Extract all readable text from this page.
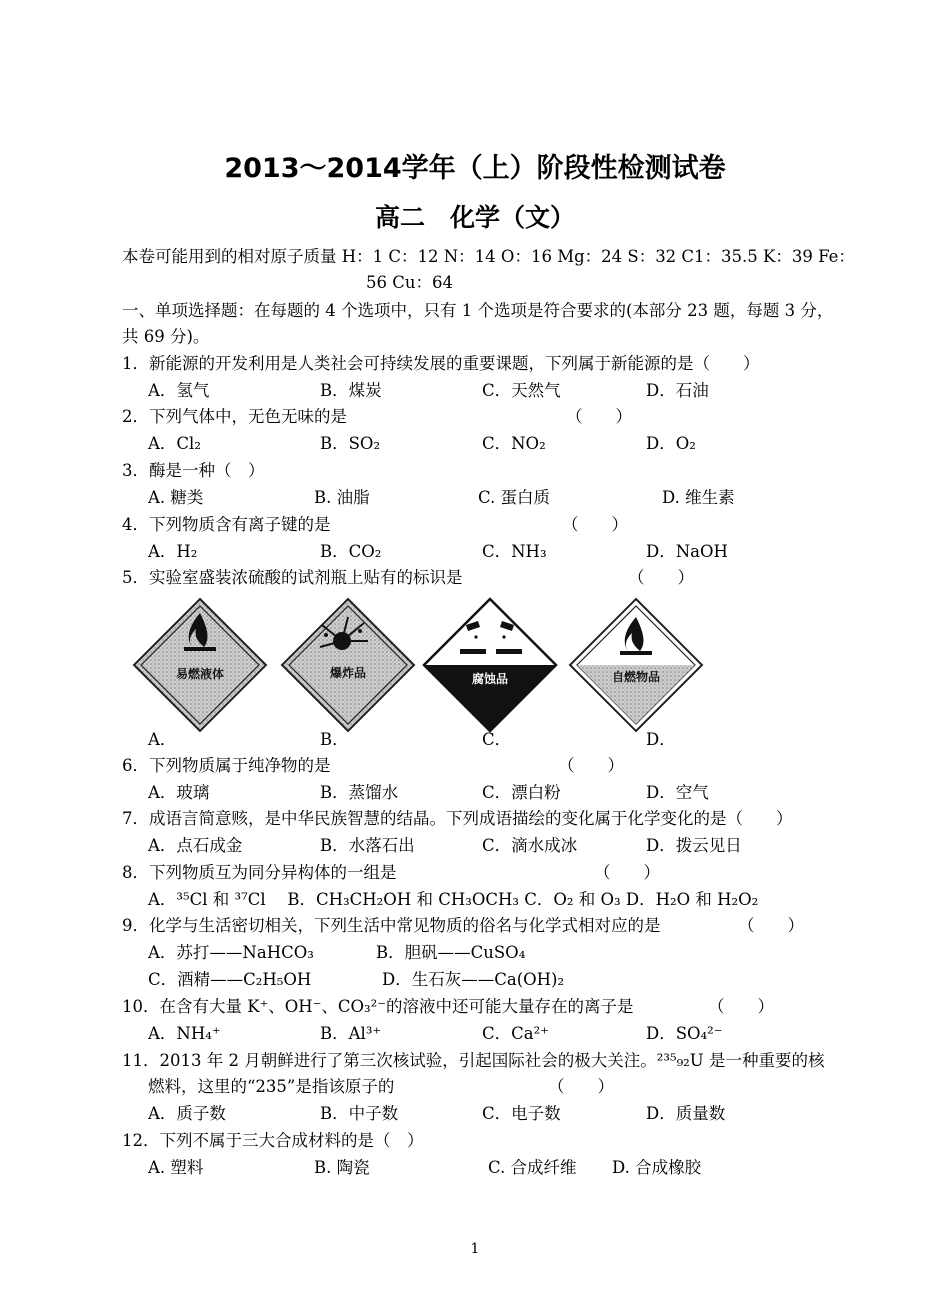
2013～2014学年（上）阶段性检测试卷
高二　化学（文）
本卷可能用到的相对原子质量 H：1 C：12 N：14 O：16 Mg：24 S：32 C1：35.5 K：39 Fe：
56 Cu：64
一、单项选择题：在每题的 4 个选项中，只有 1 个选项是符合要求的(本部分 23 题，每题 3 分，
共 69 分)。
1．新能源的开发利用是人类社会可持续发展的重要课题，下列属于新能源的是（　　）
A．氢气	B．煤炭	C．天然气	D．石油
2．下列气体中，无色无味的是	（　　）
A．Cl₂	B．SO₂	C．NO₂	D．O₂
3．酶是一种（　）
A. 糖类	B. 油脂	C. 蛋白质	D. 维生素
4．下列物质含有离子键的是	（　　）
A．H₂	B．CO₂	C．NH₃	D．NaOH
5．实验室盛装浓硫酸的试剂瓶上贴有的标识是	（　　）
易燃液体	爆炸品	腐蚀品	自燃物品
A．	B．	C．	D．
6．下列物质属于纯净物的是	（　　）
A．玻璃	B．蒸馏水	C．漂白粉	D．空气
7．成语言简意赅，是中华民族智慧的结晶。下列成语描绘的变化属于化学变化的是（　　）
A．点石成金	B．水落石出	C．滴水成冰	D．拨云见日
8．下列物质互为同分异构体的一组是	（　　）
A．³⁵Cl 和 ³⁷Cl　 B．CH₃CH₂OH 和 CH₃OCH₃ C．O₂ 和 O₃ D．H₂O 和 H₂O₂
9．化学与生活密切相关，下列生活中常见物质的俗名与化学式相对应的是	（　　）
A．苏打——NaHCO₃	B．胆矾——CuSO₄
C．酒精——C₂H₅OH	D．生石灰——Ca(OH)₂
10．在含有大量 K⁺、OH⁻、CO₃²⁻的溶液中还可能大量存在的离子是	（　　）
A．NH₄⁺	B．Al³⁺	C．Ca²⁺	D．SO₄²⁻
11．2013 年 2 月朝鲜进行了第三次核试验，引起国际社会的极大关注。²³⁵₉₂U 是一种重要的核
燃料，这里的“235”是指该原子的	（　　）
A．质子数	B．中子数	C．电子数	D．质量数
12．下列不属于三大合成材料的是（　）
A. 塑料	B. 陶瓷	C. 合成纤维 D. 合成橡胶
1
